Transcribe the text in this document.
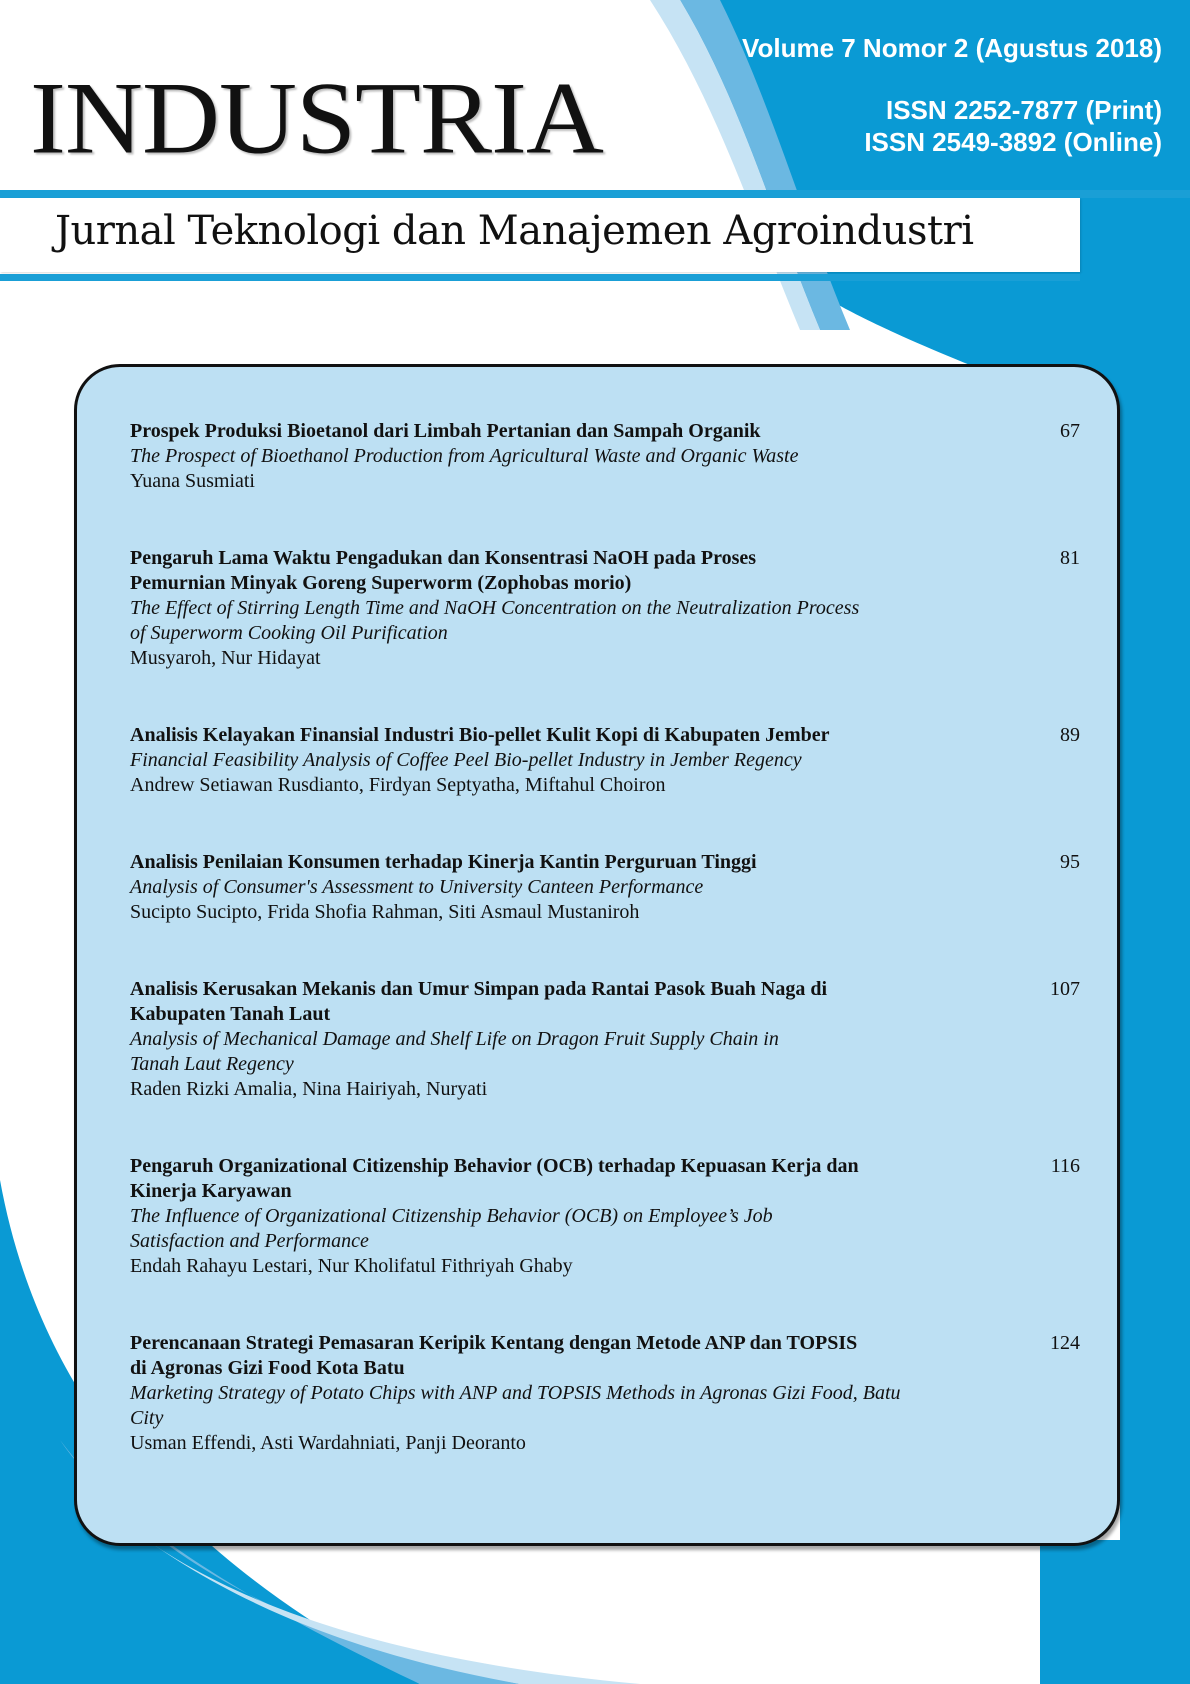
INDUSTRIA
Volume 7 Nomor 2 (Agustus 2018)
ISSN 2252-7877 (Print)
ISSN 2549-3892 (Online)
Jurnal Teknologi dan Manajemen Agroindustri
Prospek Produksi Bioetanol dari Limbah Pertanian dan Sampah Organik
The Prospect of Bioethanol Production from Agricultural Waste and Organic Waste
Yuana Susmiati
67
Pengaruh Lama Waktu Pengadukan dan Konsentrasi NaOH pada Proses Pemurnian Minyak Goreng Superworm (Zophobas morio)
The Effect of Stirring Length Time and NaOH Concentration on the Neutralization Process of Superworm Cooking Oil Purification
Musyaroh, Nur Hidayat
81
Analisis Kelayakan Finansial Industri Bio-pellet Kulit Kopi di Kabupaten Jember
Financial Feasibility Analysis of Coffee Peel Bio-pellet Industry in Jember Regency
Andrew Setiawan Rusdianto, Firdyan Septyatha, Miftahul Choiron
89
Analisis Penilaian Konsumen terhadap Kinerja Kantin Perguruan Tinggi
Analysis of Consumer's Assessment to University Canteen Performance
Sucipto Sucipto, Frida Shofia Rahman, Siti Asmaul Mustaniroh
95
Analisis Kerusakan Mekanis dan Umur Simpan pada Rantai Pasok Buah Naga di Kabupaten Tanah Laut
Analysis of Mechanical Damage and Shelf Life on Dragon Fruit Supply Chain in Tanah Laut Regency
Raden Rizki Amalia, Nina Hairiyah, Nuryati
107
Pengaruh Organizational Citizenship Behavior (OCB) terhadap Kepuasan Kerja dan Kinerja Karyawan
The Influence of Organizational Citizenship Behavior (OCB) on Employee’s Job Satisfaction and Performance
Endah Rahayu Lestari, Nur Kholifatul Fithriyah Ghaby
116
Perencanaan Strategi Pemasaran Keripik Kentang dengan Metode ANP dan TOPSIS di Agronas Gizi Food Kota Batu
Marketing Strategy of Potato Chips with ANP and TOPSIS Methods in Agronas Gizi Food, Batu City
Usman Effendi, Asti Wardahniati, Panji Deoranto
124
